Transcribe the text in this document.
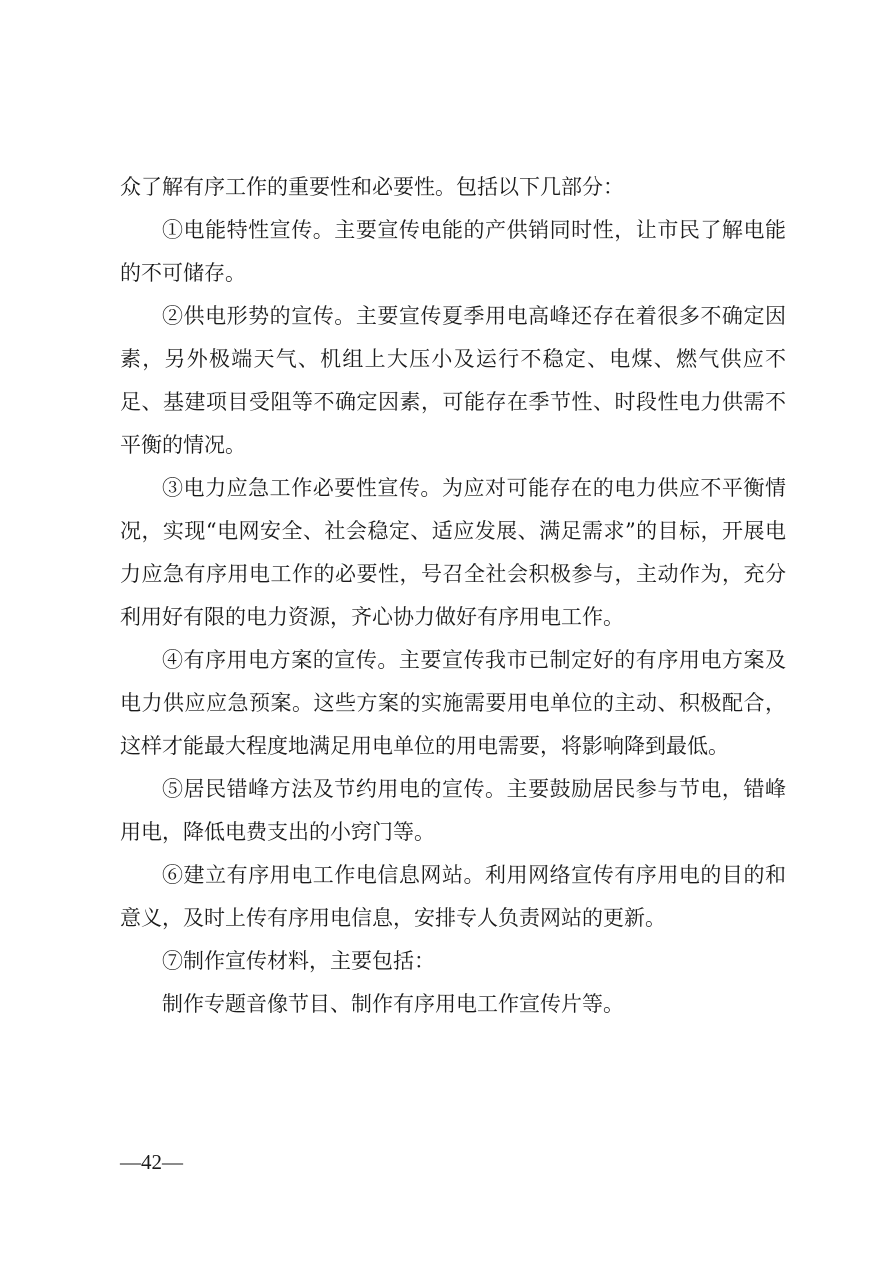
众了解有序工作的重要性和必要性。包括以下几部分：

①电能特性宣传。主要宣传电能的产供销同时性，让市民了解电能的不可储存。

②供电形势的宣传。主要宣传夏季用电高峰还存在着很多不确定因素，另外极端天气、机组上大压小及运行不稳定、电煤、燃气供应不足、基建项目受阻等不确定因素，可能存在季节性、时段性电力供需不平衡的情况。

③电力应急工作必要性宣传。为应对可能存在的电力供应不平衡情况，实现“电网安全、社会稳定、适应发展、满足需求”的目标，开展电力应急有序用电工作的必要性，号召全社会积极参与，主动作为，充分利用好有限的电力资源，齐心协力做好有序用电工作。

④有序用电方案的宣传。主要宣传我市已制定好的有序用电方案及电力供应应急预案。这些方案的实施需要用电单位的主动、积极配合，这样才能最大程度地满足用电单位的用电需要，将影响降到最低。

⑤居民错峰方法及节约用电的宣传。主要鼓励居民参与节电，错峰用电，降低电费支出的小窍门等。

⑥建立有序用电工作电信息网站。利用网络宣传有序用电的目的和意义，及时上传有序用电信息，安排专人负责网站的更新。

⑦制作宣传材料，主要包括：

制作专题音像节目、制作有序用电工作宣传片等。

—42—
